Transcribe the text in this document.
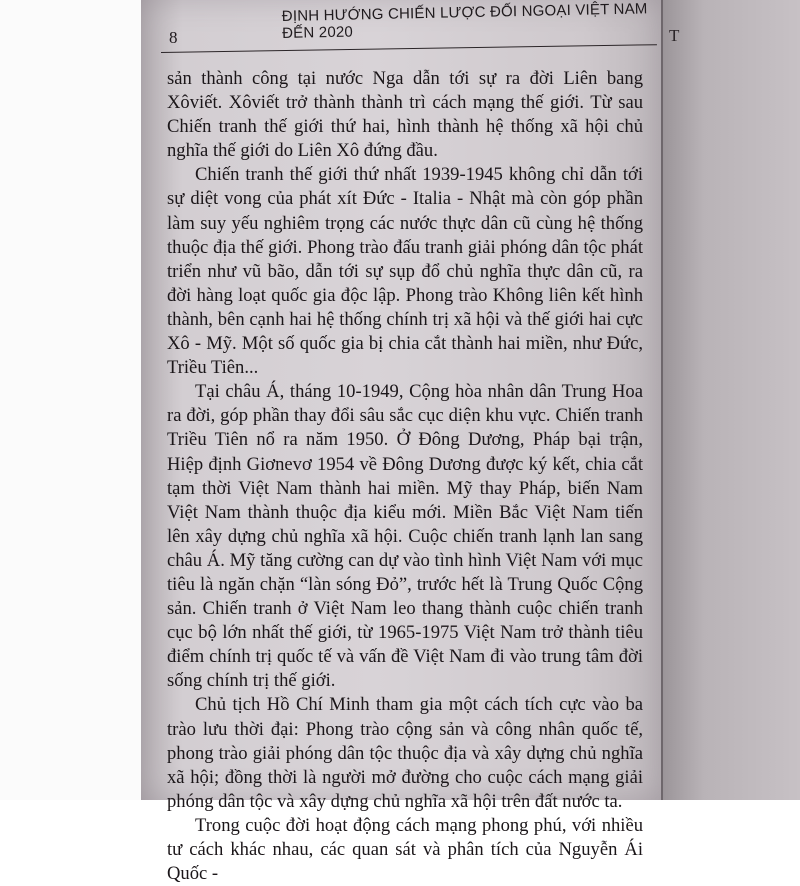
8
ĐỊNH HƯỚNG CHIẾN LƯỢC ĐỐI NGOẠI VIỆT NAM ĐẾN 2020

sản thành công tại nước Nga dẫn tới sự ra đời Liên bang Xôviết. Xôviết trở thành thành trì cách mạng thế giới. Từ sau Chiến tranh thế giới thứ hai, hình thành hệ thống xã hội chủ nghĩa thế giới do Liên Xô đứng đầu.

Chiến tranh thế giới thứ nhất 1939-1945 không chỉ dẫn tới sự diệt vong của phát xít Đức - Italia - Nhật mà còn góp phần làm suy yếu nghiêm trọng các nước thực dân cũ cùng hệ thống thuộc địa thế giới. Phong trào đấu tranh giải phóng dân tộc phát triển như vũ bão, dẫn tới sự sụp đổ chủ nghĩa thực dân cũ, ra đời hàng loạt quốc gia độc lập. Phong trào Không liên kết hình thành, bên cạnh hai hệ thống chính trị xã hội và thế giới hai cực Xô - Mỹ. Một số quốc gia bị chia cắt thành hai miền, như Đức, Triều Tiên...

Tại châu Á, tháng 10-1949, Cộng hòa nhân dân Trung Hoa ra đời, góp phần thay đổi sâu sắc cục diện khu vực. Chiến tranh Triều Tiên nổ ra năm 1950. Ở Đông Dương, Pháp bại trận, Hiệp định Giơnevơ 1954 về Đông Dương được ký kết, chia cắt tạm thời Việt Nam thành hai miền. Mỹ thay Pháp, biến Nam Việt Nam thành thuộc địa kiểu mới. Miền Bắc Việt Nam tiến lên xây dựng chủ nghĩa xã hội. Cuộc chiến tranh lạnh lan sang châu Á. Mỹ tăng cường can dự vào tình hình Việt Nam với mục tiêu là ngăn chặn “làn sóng Đỏ”, trước hết là Trung Quốc Cộng sản. Chiến tranh ở Việt Nam leo thang thành cuộc chiến tranh cục bộ lớn nhất thế giới, từ 1965-1975 Việt Nam trở thành tiêu điểm chính trị quốc tế và vấn đề Việt Nam đi vào trung tâm đời sống chính trị thế giới.

Chủ tịch Hồ Chí Minh tham gia một cách tích cực vào ba trào lưu thời đại: Phong trào cộng sản và công nhân quốc tế, phong trào giải phóng dân tộc thuộc địa và xây dựng chủ nghĩa xã hội; đồng thời là người mở đường cho cuộc cách mạng giải phóng dân tộc và xây dựng chủ nghĩa xã hội trên đất nước ta.

Trong cuộc đời hoạt động cách mạng phong phú, với nhiều tư cách khác nhau, các quan sát và phân tích của Nguyễn Ái Quốc -

T
